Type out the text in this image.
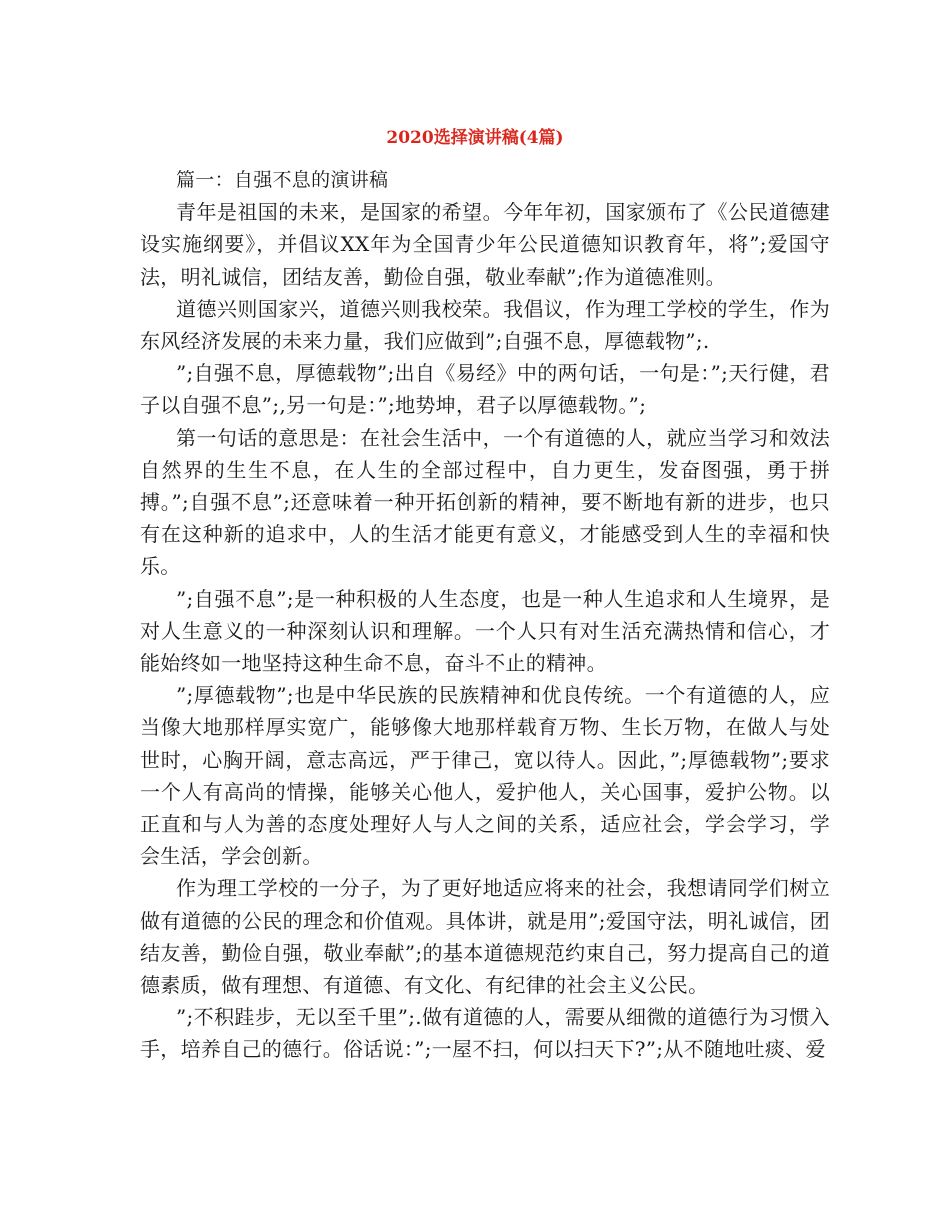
2020选择演讲稿(4篇)

篇一：自强不息的演讲稿

青年是祖国的未来，是国家的希望。今年年初，国家颁布了《公民道德建设实施纲要》，并倡议XX年为全国青少年公民道德知识教育年，将”;爱国守法，明礼诚信，团结友善，勤俭自强，敬业奉献”;作为道德准则。

道德兴则国家兴，道德兴则我校荣。我倡议，作为理工学校的学生，作为东风经济发展的未来力量，我们应做到”;自强不息，厚德载物”;.

”;自强不息，厚德载物”;出自《易经》中的两句话，一句是：”;天行健，君子以自强不息”;,另一句是：”;地势坤，君子以厚德载物。”;

第一句话的意思是：在社会生活中，一个有道德的人，就应当学习和效法自然界的生生不息，在人生的全部过程中，自力更生，发奋图强，勇于拼搏。”;自强不息”;还意味着一种开拓创新的精神，要不断地有新的进步，也只有在这种新的追求中，人的生活才能更有意义，才能感受到人生的幸福和快乐。

”;自强不息”;是一种积极的人生态度，也是一种人生追求和人生境界，是对人生意义的一种深刻认识和理解。一个人只有对生活充满热情和信心，才能始终如一地坚持这种生命不息，奋斗不止的精神。

”;厚德载物”;也是中华民族的民族精神和优良传统。一个有道德的人，应当像大地那样厚实宽广，能够像大地那样载育万物、生长万物，在做人与处世时，心胸开阔，意志高远，严于律己，宽以待人。因此，”;厚德载物”;要求一个人有高尚的情操，能够关心他人，爱护他人，关心国事，爱护公物。以正直和与人为善的态度处理好人与人之间的关系，适应社会，学会学习，学会生活，学会创新。

作为理工学校的一分子，为了更好地适应将来的社会，我想请同学们树立做有道德的公民的理念和价值观。具体讲，就是用”;爱国守法，明礼诚信，团结友善，勤俭自强，敬业奉献”;的基本道德规范约束自己，努力提高自己的道德素质，做有理想、有道德、有文化、有纪律的社会主义公民。

”;不积跬步，无以至千里”;.做有道德的人，需要从细微的道德行为习惯入手，培养自己的德行。俗话说：”;一屋不扫，何以扫天下?”;从不随地吐痰、爱
